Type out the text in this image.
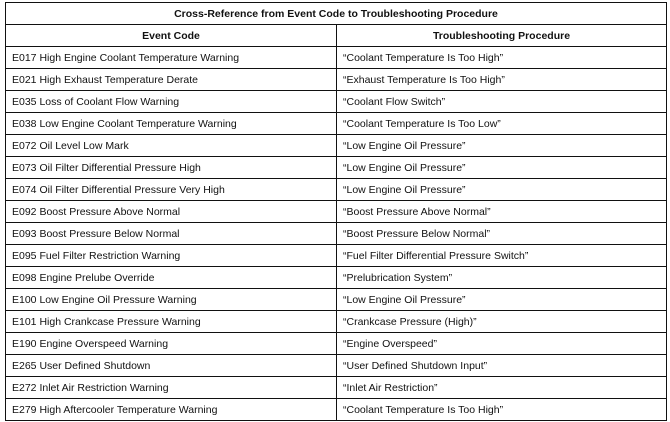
Cross-Reference from Event Code to Troubleshooting Procedure	
Event Code	Troubleshooting Procedure
E017 High Engine Coolant Temperature Warning	“Coolant Temperature Is Too High”
E021 High Exhaust Temperature Derate	“Exhaust Temperature Is Too High”
E035 Loss of Coolant Flow Warning	“Coolant Flow Switch”
E038 Low Engine Coolant Temperature Warning	“Coolant Temperature Is Too Low”
E072 Oil Level Low Mark	“Low Engine Oil Pressure”
E073 Oil Filter Differential Pressure High	“Low Engine Oil Pressure”
E074 Oil Filter Differential Pressure Very High	“Low Engine Oil Pressure”
E092 Boost Pressure Above Normal	“Boost Pressure Above Normal”
E093 Boost Pressure Below Normal	“Boost Pressure Below Normal”
E095 Fuel Filter Restriction Warning	“Fuel Filter Differential Pressure Switch”
E098 Engine Prelube Override	“Prelubrication System”
E100 Low Engine Oil Pressure Warning	“Low Engine Oil Pressure”
E101 High Crankcase Pressure Warning	“Crankcase Pressure (High)”
E190 Engine Overspeed Warning	“Engine Overspeed”
E265 User Defined Shutdown	“User Defined Shutdown Input”
E272 Inlet Air Restriction Warning	“Inlet Air Restriction”
E279 High Aftercooler Temperature Warning	“Coolant Temperature Is Too High”
